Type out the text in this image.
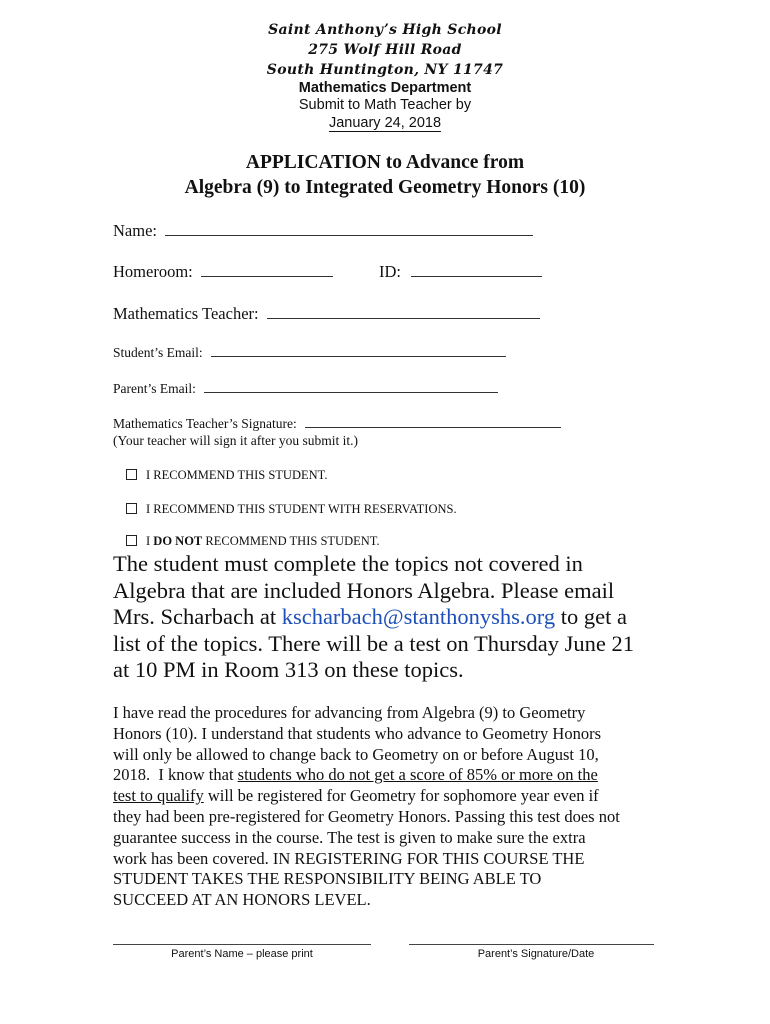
Saint Anthony’s High School
275 Wolf Hill Road
South Huntington, NY 11747
Mathematics Department
Submit to Math Teacher by
January 24, 2018
APPLICATION to Advance from
Algebra (9) to Integrated Geometry Honors (10)
Name:
Homeroom:	ID:
Mathematics Teacher:
Student’s Email:
Parent’s Email:
Mathematics Teacher’s Signature:
(Your teacher will sign it after you submit it.)
I RECOMMEND THIS STUDENT.
I RECOMMEND THIS STUDENT WITH RESERVATIONS.
I DO NOT RECOMMEND THIS STUDENT.
The student must complete the topics not covered in
Algebra that are included Honors Algebra. Please email
Mrs. Scharbach at kscharbach@stanthonyshs.org to get a
list of the topics. There will be a test on Thursday June 21
at 10 PM in Room 313 on these topics.
I have read the procedures for advancing from Algebra (9) to Geometry
Honors (10). I understand that students who advance to Geometry Honors
will only be allowed to change back to Geometry on or before August 10,
2018.  I know that students who do not get a score of 85% or more on the
test to qualify will be registered for Geometry for sophomore year even if
they had been pre-registered for Geometry Honors. Passing this test does not
guarantee success in the course. The test is given to make sure the extra
work has been covered. IN REGISTERING FOR THIS COURSE THE
STUDENT TAKES THE RESPONSIBILITY BEING ABLE TO
SUCCEED AT AN HONORS LEVEL.
Parent’s Name – please print	Parent’s Signature/Date
